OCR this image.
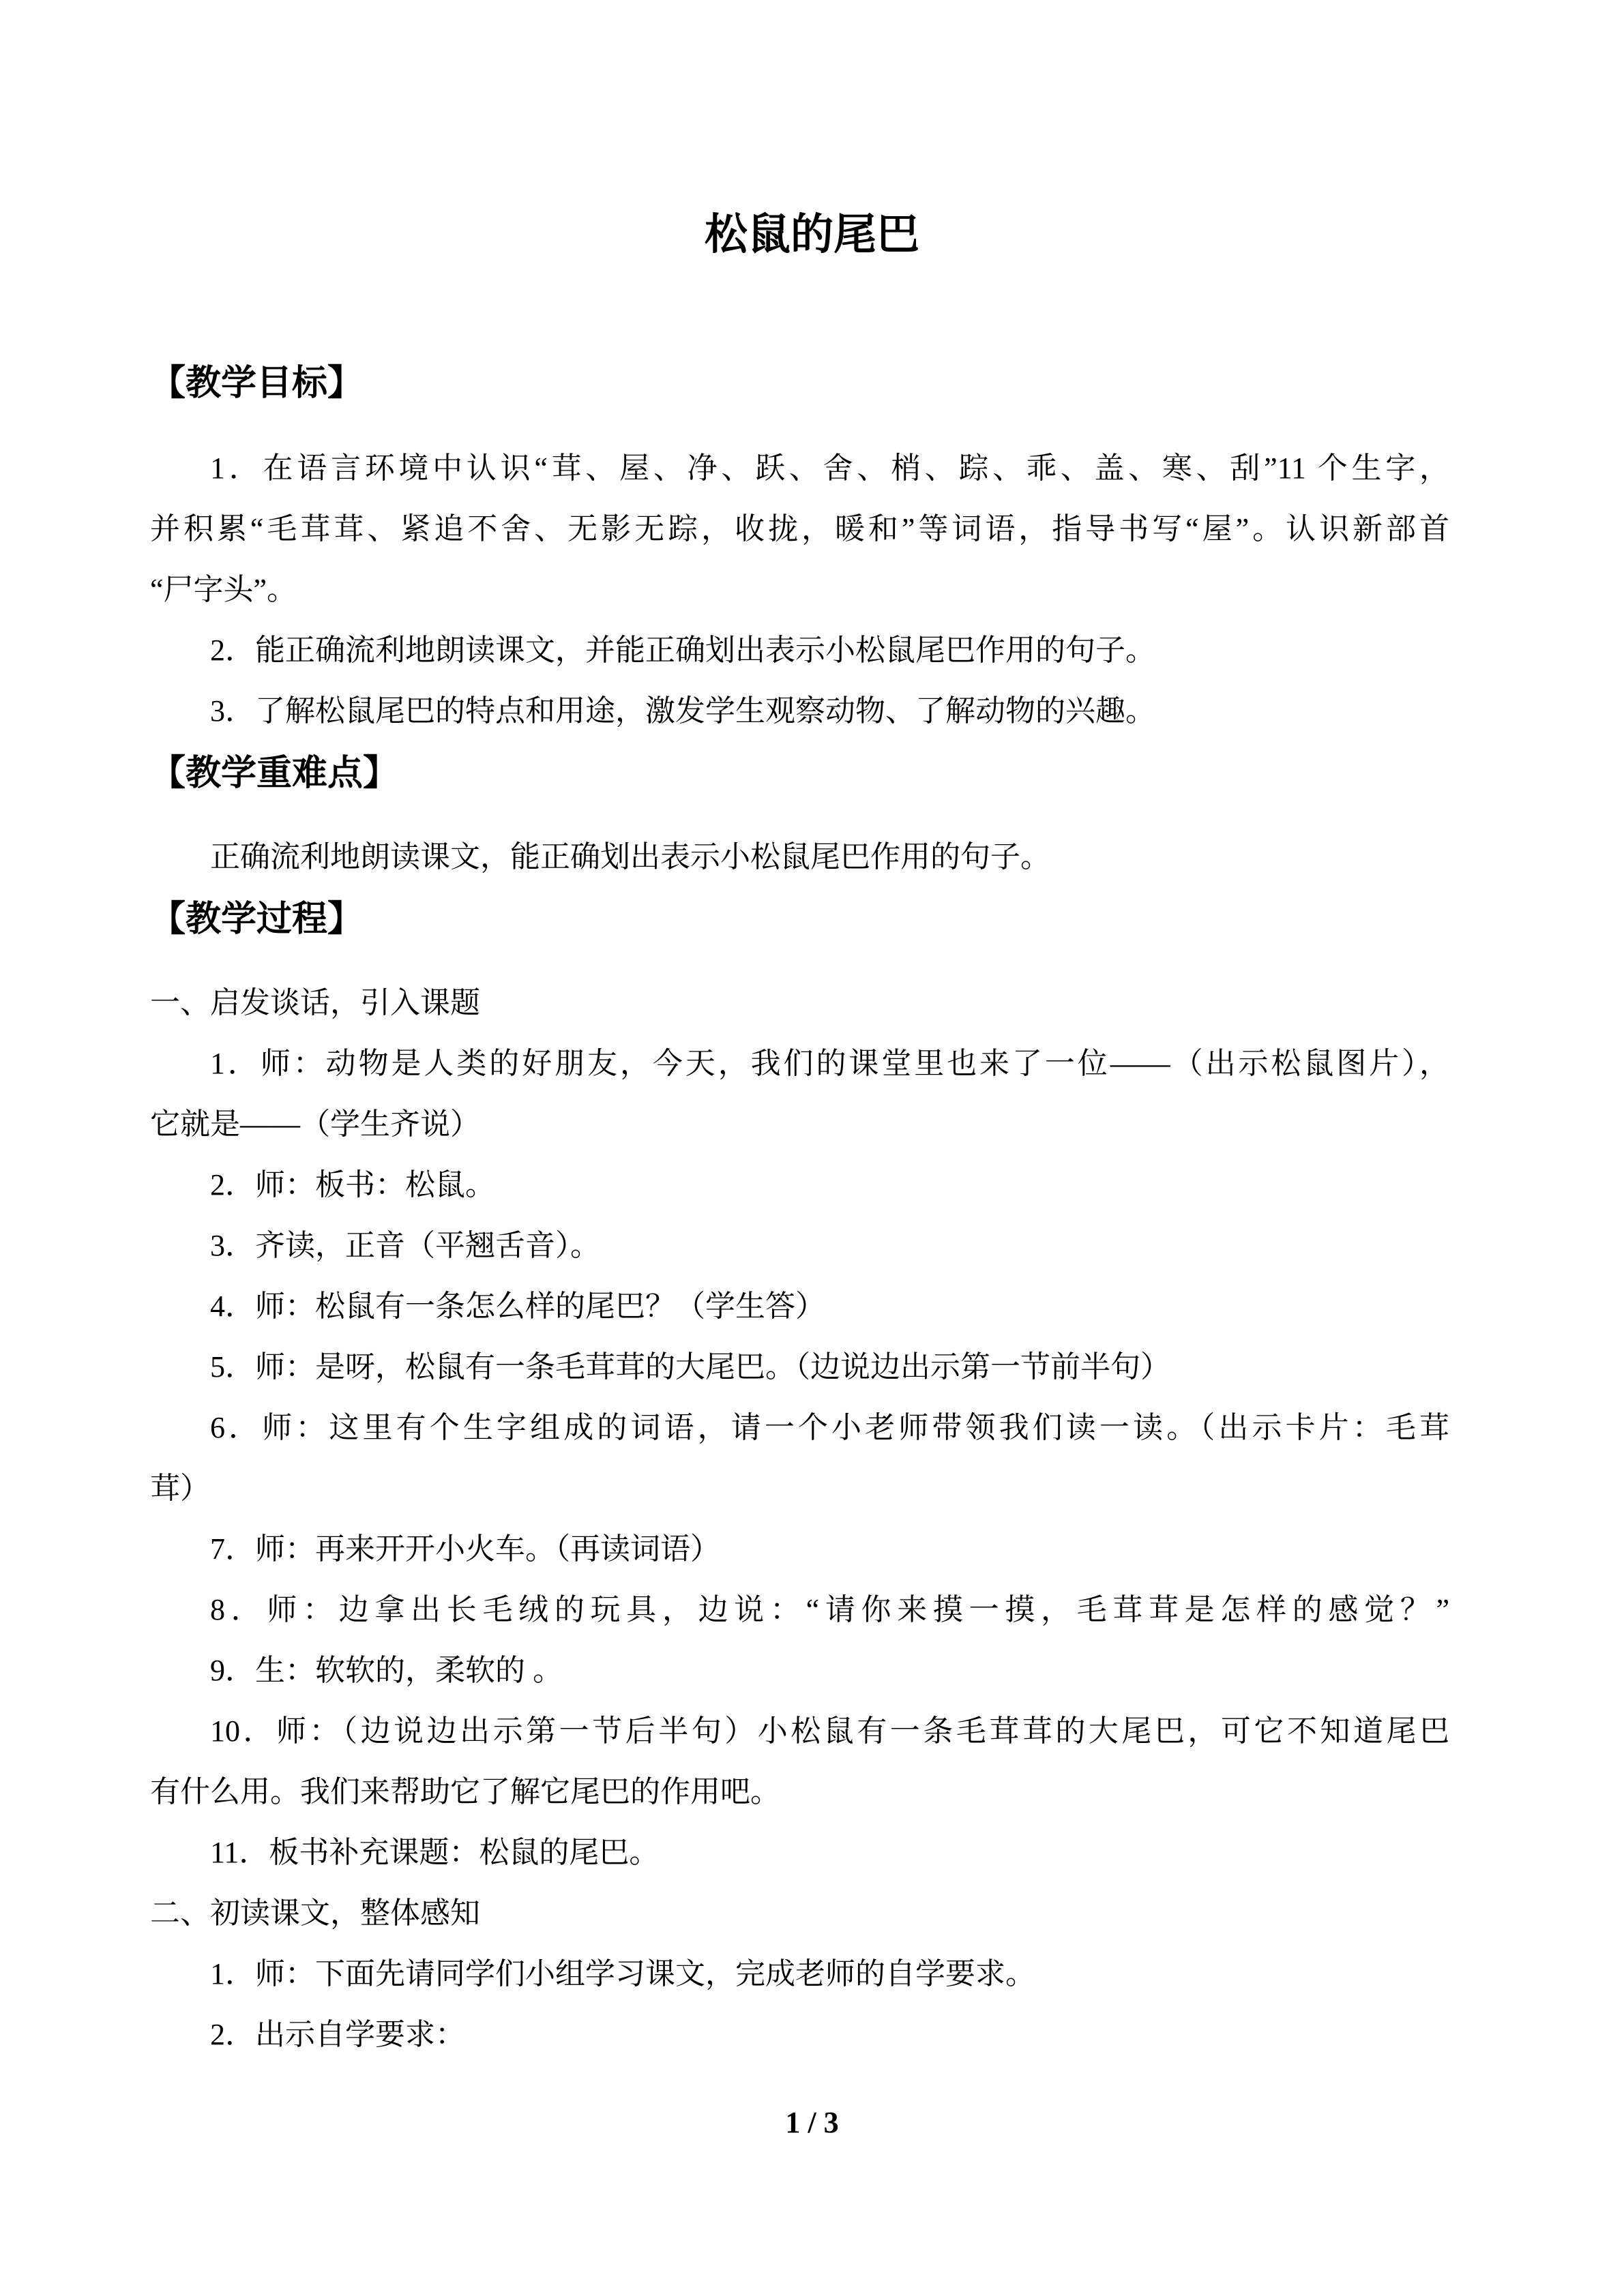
松鼠的尾巴
【教学目标】
1．在语言环境中认识“茸、屋、净、跃、舍、梢、踪、乖、盖、寒、刮”11 个生字，
并积累“毛茸茸、紧追不舍、无影无踪，收拢，暖和”等词语，指导书写“屋”。认识新部首
“尸字头”。
2．能正确流利地朗读课文，并能正确划出表示小松鼠尾巴作用的句子。
3．了解松鼠尾巴的特点和用途，激发学生观察动物、了解动物的兴趣。
【教学重难点】
正确流利地朗读课文，能正确划出表示小松鼠尾巴作用的句子。
【教学过程】
一、启发谈话，引入课题
1．师：动物是人类的好朋友，今天，我们的课堂里也来了一位——（出示松鼠图片），
它就是——（学生齐说）
2．师：板书：松鼠。
3．齐读，正音（平翘舌音）。
4．师：松鼠有一条怎么样的尾巴？（学生答）
5．师：是呀，松鼠有一条毛茸茸的大尾巴。（边说边出示第一节前半句）
6．师：这里有个生字组成的词语，请一个小老师带领我们读一读。（出示卡片：毛茸
茸）
7．师：再来开开小火车。（再读词语）
8．师：边拿出长毛绒的玩具，边说：“请你来摸一摸，毛茸茸是怎样的感觉？”
9．生：软软的，柔软的 。
10．师：（边说边出示第一节后半句）小松鼠有一条毛茸茸的大尾巴，可它不知道尾巴
有什么用。我们来帮助它了解它尾巴的作用吧。
11．板书补充课题：松鼠的尾巴。
二、初读课文，整体感知
1．师：下面先请同学们小组学习课文，完成老师的自学要求。
2．出示自学要求：
1 / 3
